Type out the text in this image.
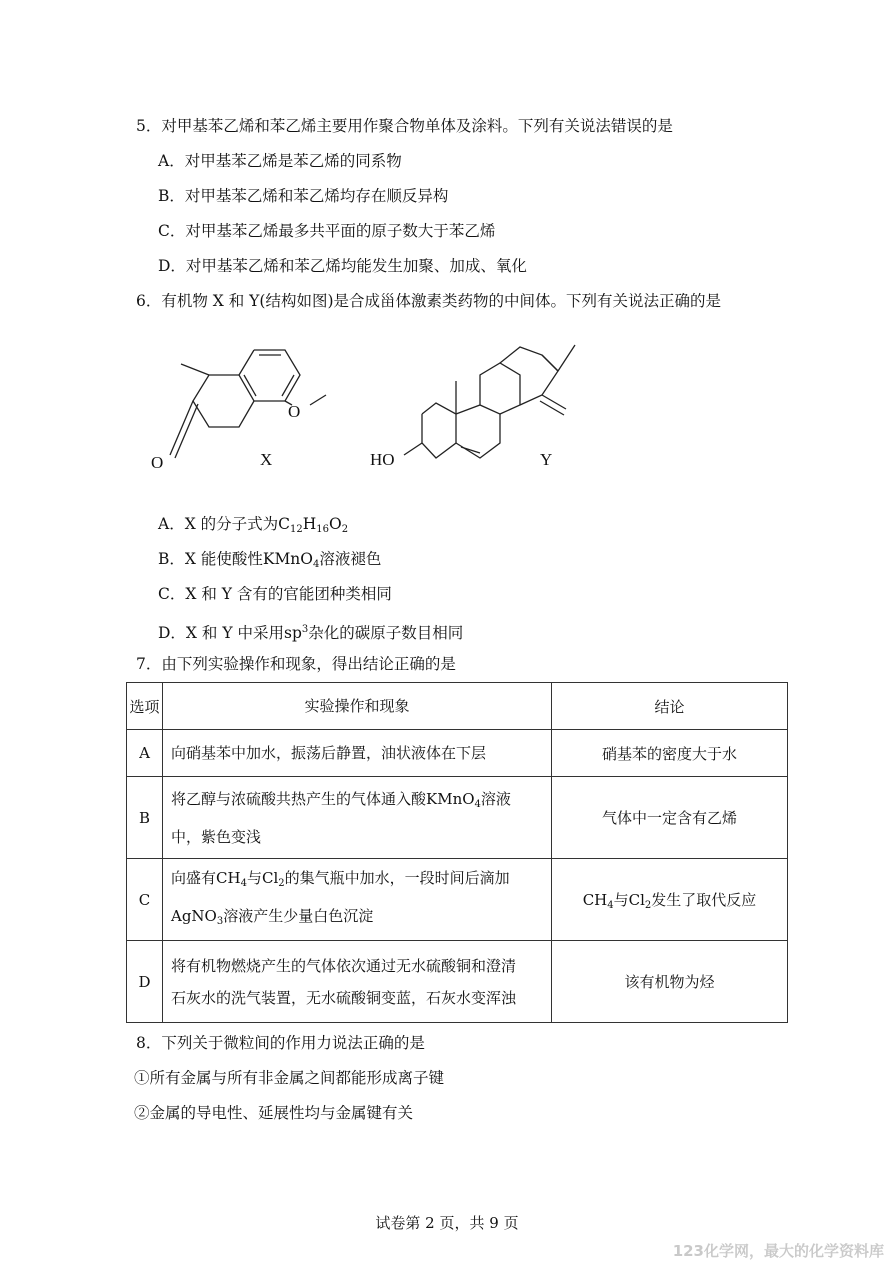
5．对甲基苯乙烯和苯乙烯主要用作聚合物单体及涂料。下列有关说法错误的是
A．对甲基苯乙烯是苯乙烯的同系物
B．对甲基苯乙烯和苯乙烯均存在顺反异构
C．对甲基苯乙烯最多共平面的原子数大于苯乙烯
D．对甲基苯乙烯和苯乙烯均能发生加聚、加成、氧化
6．有机物 X 和 Y(结构如图)是合成甾体激素类药物的中间体。下列有关说法正确的是
O
O	X	HO	Y
A．X 的分子式为$C_{12}H_{16}O_2$
B．X 能使酸性KMnO$_4$溶液褪色
C．X 和 Y 含有的官能团种类相同
D．X 和 Y 中采用$sp^3$杂化的碳原子数目相同
7．由下列实验操作和现象，得出结论正确的是
选项	实验操作和现象	结论
A	向硝基苯中加水，振荡后静置，油状液体在下层	硝基苯的密度大于水
B	将乙醇与浓硫酸共热产生的气体通入酸KMnO$_4$溶液
中，紫色变浅	气体中一定含有乙烯
C	向盛有$CH_4$与$Cl_2$的集气瓶中加水，一段时间后滴加
AgNO$_3$溶液产生少量白色沉淀	$CH_4$与$Cl_2$发生了取代反应
D	将有机物燃烧产生的气体依次通过无水硫酸铜和澄清
石灰水的洗气装置，无水硫酸铜变蓝，石灰水变浑浊	该有机物为烃
8．下列关于微粒间的作用力说法正确的是
①所有金属与所有非金属之间都能形成离子键
②金属的导电性、延展性均与金属键有关
试卷第 2 页，共 9 页
123化学网，最大的化学资料库
